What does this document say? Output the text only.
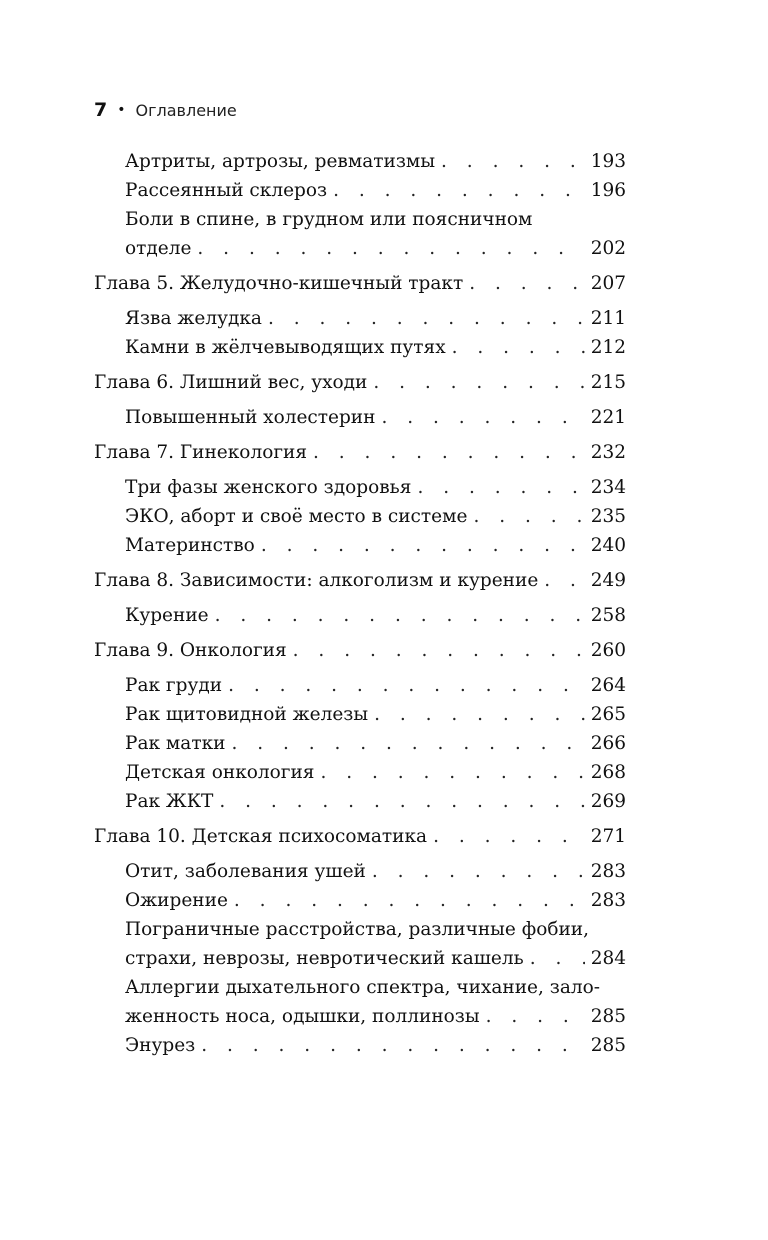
7 • Оглавление
Артриты, артрозы, ревматизмы . . .	193
Рассеянный склероз . . .	196
Боли в спине, в грудном или поясничном
отделе . . .	202
Глава 5. Желудочно-кишечный тракт . . .	207
Язва желудка . . .	211
Камни в жёлчевыводящих путях . . .	212
Глава 6. Лишний вес, уходи . . .	215
Повышенный холестерин . . .	221
Глава 7. Гинекология . . .	232
Три фазы женского здоровья . . .	234
ЭКО, аборт и своё место в системе . . .	235
Материнство . . .	240
Глава 8. Зависимости: алкоголизм и курение . . .	249
Курение . . .	258
Глава 9. Онкология . . .	260
Рак груди . . .	264
Рак щитовидной железы . . .	265
Рак матки . . .	266
Детская онкология . . .	268
Рак ЖКТ . . .	269
Глава 10. Детская психосоматика . . .	271
Отит, заболевания ушей . . .	283
Ожирение . . .	283
Пограничные расстройства, различные фобии,
страхи, неврозы, невротический кашель . . .	284
Аллергии дыхательного спектра, чихание, зало-
женность носа, одышки, поллинозы . . .	285
Энурез . . .	285
